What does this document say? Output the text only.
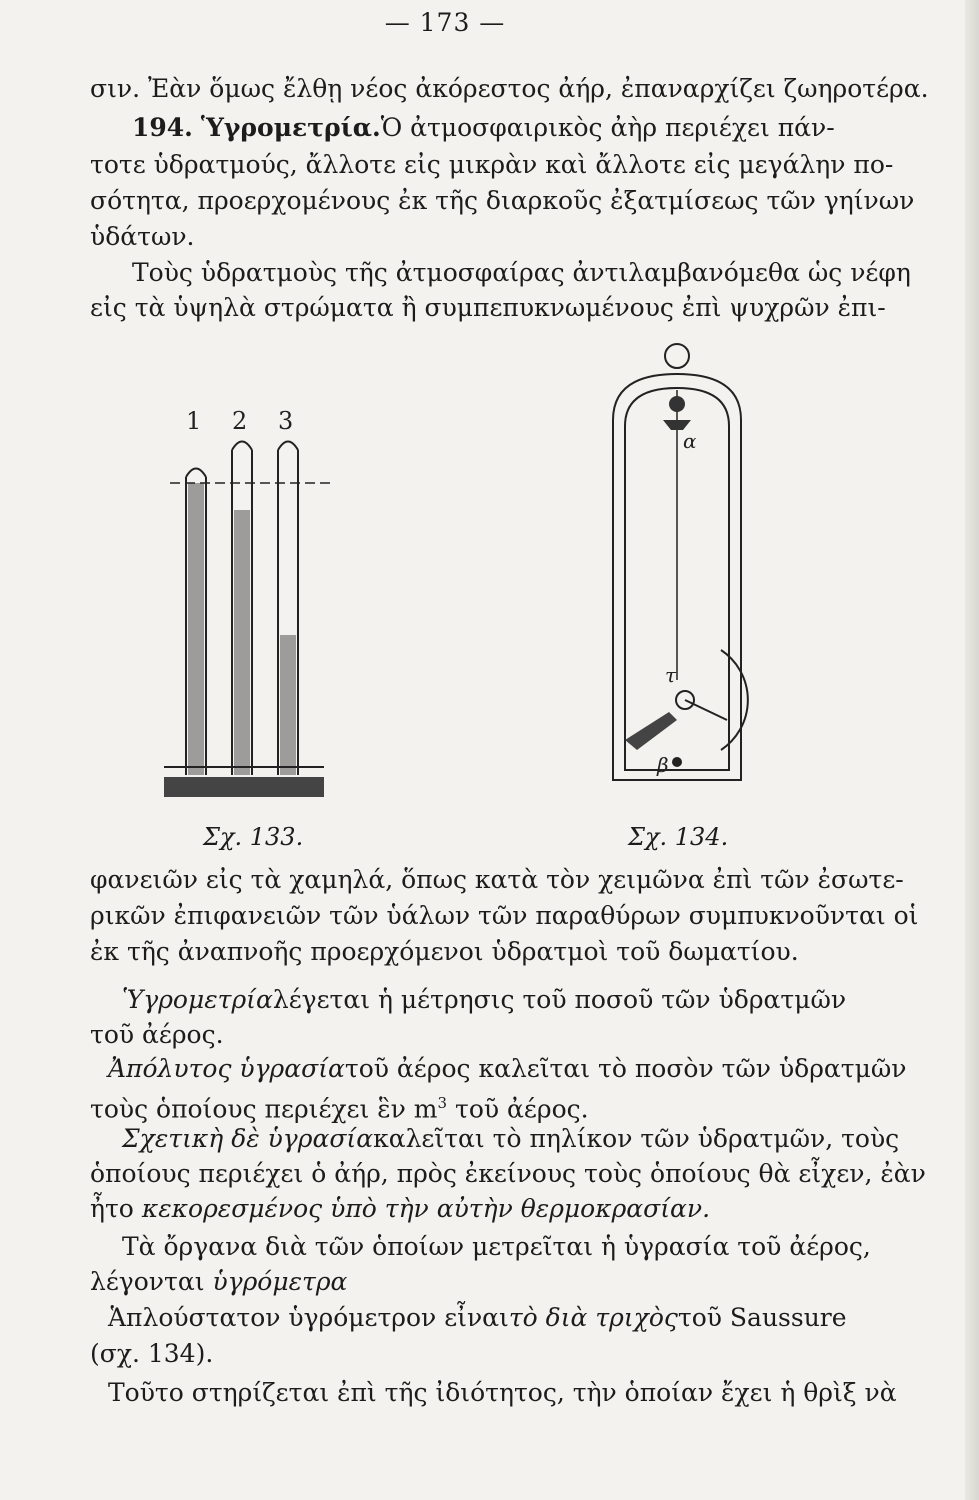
— 173 —
σιν. Ἐὰν ὅμως ἔλθῃ νέος ἀκόρεστος ἀήρ, ἐπαναρχίζει ζωηροτέρα.
194. Ὑγρομετρία. Ὁ ἀτμοσφαιρικὸς ἀὴρ περιέχει πάν-
τοτε ὑδρατμούς, ἄλλοτε εἰς μικρὰν καὶ ἄλλοτε εἰς μεγάλην πο-
σότητα, προερχομένους ἐκ τῆς διαρκοῦς ἐξατμίσεως τῶν γηίνων
ὑδάτων.
Τοὺς ὑδρατμοὺς τῆς ἀτμοσφαίρας ἀντιλαμβανόμεθα ὡς νέφη
εἰς τὰ ὑψηλὰ στρώματα ἢ συμπεπυκνωμένους ἐπὶ ψυχρῶν ἐπι-
1 2 3
Σχ. 133.
α
τ
β
Σχ. 134.
φανειῶν εἰς τὰ χαμηλά, ὅπως κατὰ τὸν χειμῶνα ἐπὶ τῶν ἐσωτε-
ρικῶν ἐπιφανειῶν τῶν ὑάλων τῶν παραθύρων συμπυκνοῦνται οἱ
ἐκ τῆς ἀναπνοῆς προερχόμενοι ὑδρατμοὶ τοῦ δωματίου.
Ὑγρομετρία λέγεται ἡ μέτρησις τοῦ ποσοῦ τῶν ὑδρατμῶν
τοῦ ἀέρος.
Ἀπόλυτος ὑγρασία τοῦ ἀέρος καλεῖται τὸ ποσὸν τῶν ὑδρατμῶν
τοὺς ὁποίους περιέχει ἓν $m^3$ τοῦ ἀέρος.
Σχετικὴ δὲ ὑγρασία καλεῖται τὸ πηλίκον τῶν ὑδρατμῶν, τοὺς
ὁποίους περιέχει ὁ ἀήρ, πρὸς ἐκείνους τοὺς ὁποίους θὰ εἶχεν, ἐὰν
ἦτο κεκορεσμένος ὑπὸ τὴν αὐτὴν θερμοκρασίαν.
Τὰ ὄργανα διὰ τῶν ὁποίων μετρεῖται ἡ ὑγρασία τοῦ ἀέρος,
λέγονται ὑγρόμετρα
Ἁπλούστατον ὑγρόμετρον εἶναι τὸ διὰ τριχὸς τοῦ Saussure
(σχ. 134).
Τοῦτο στηρίζεται ἐπὶ τῆς ἰδιότητος, τὴν ὁποίαν ἔχει ἡ θρὶξ νὰ
